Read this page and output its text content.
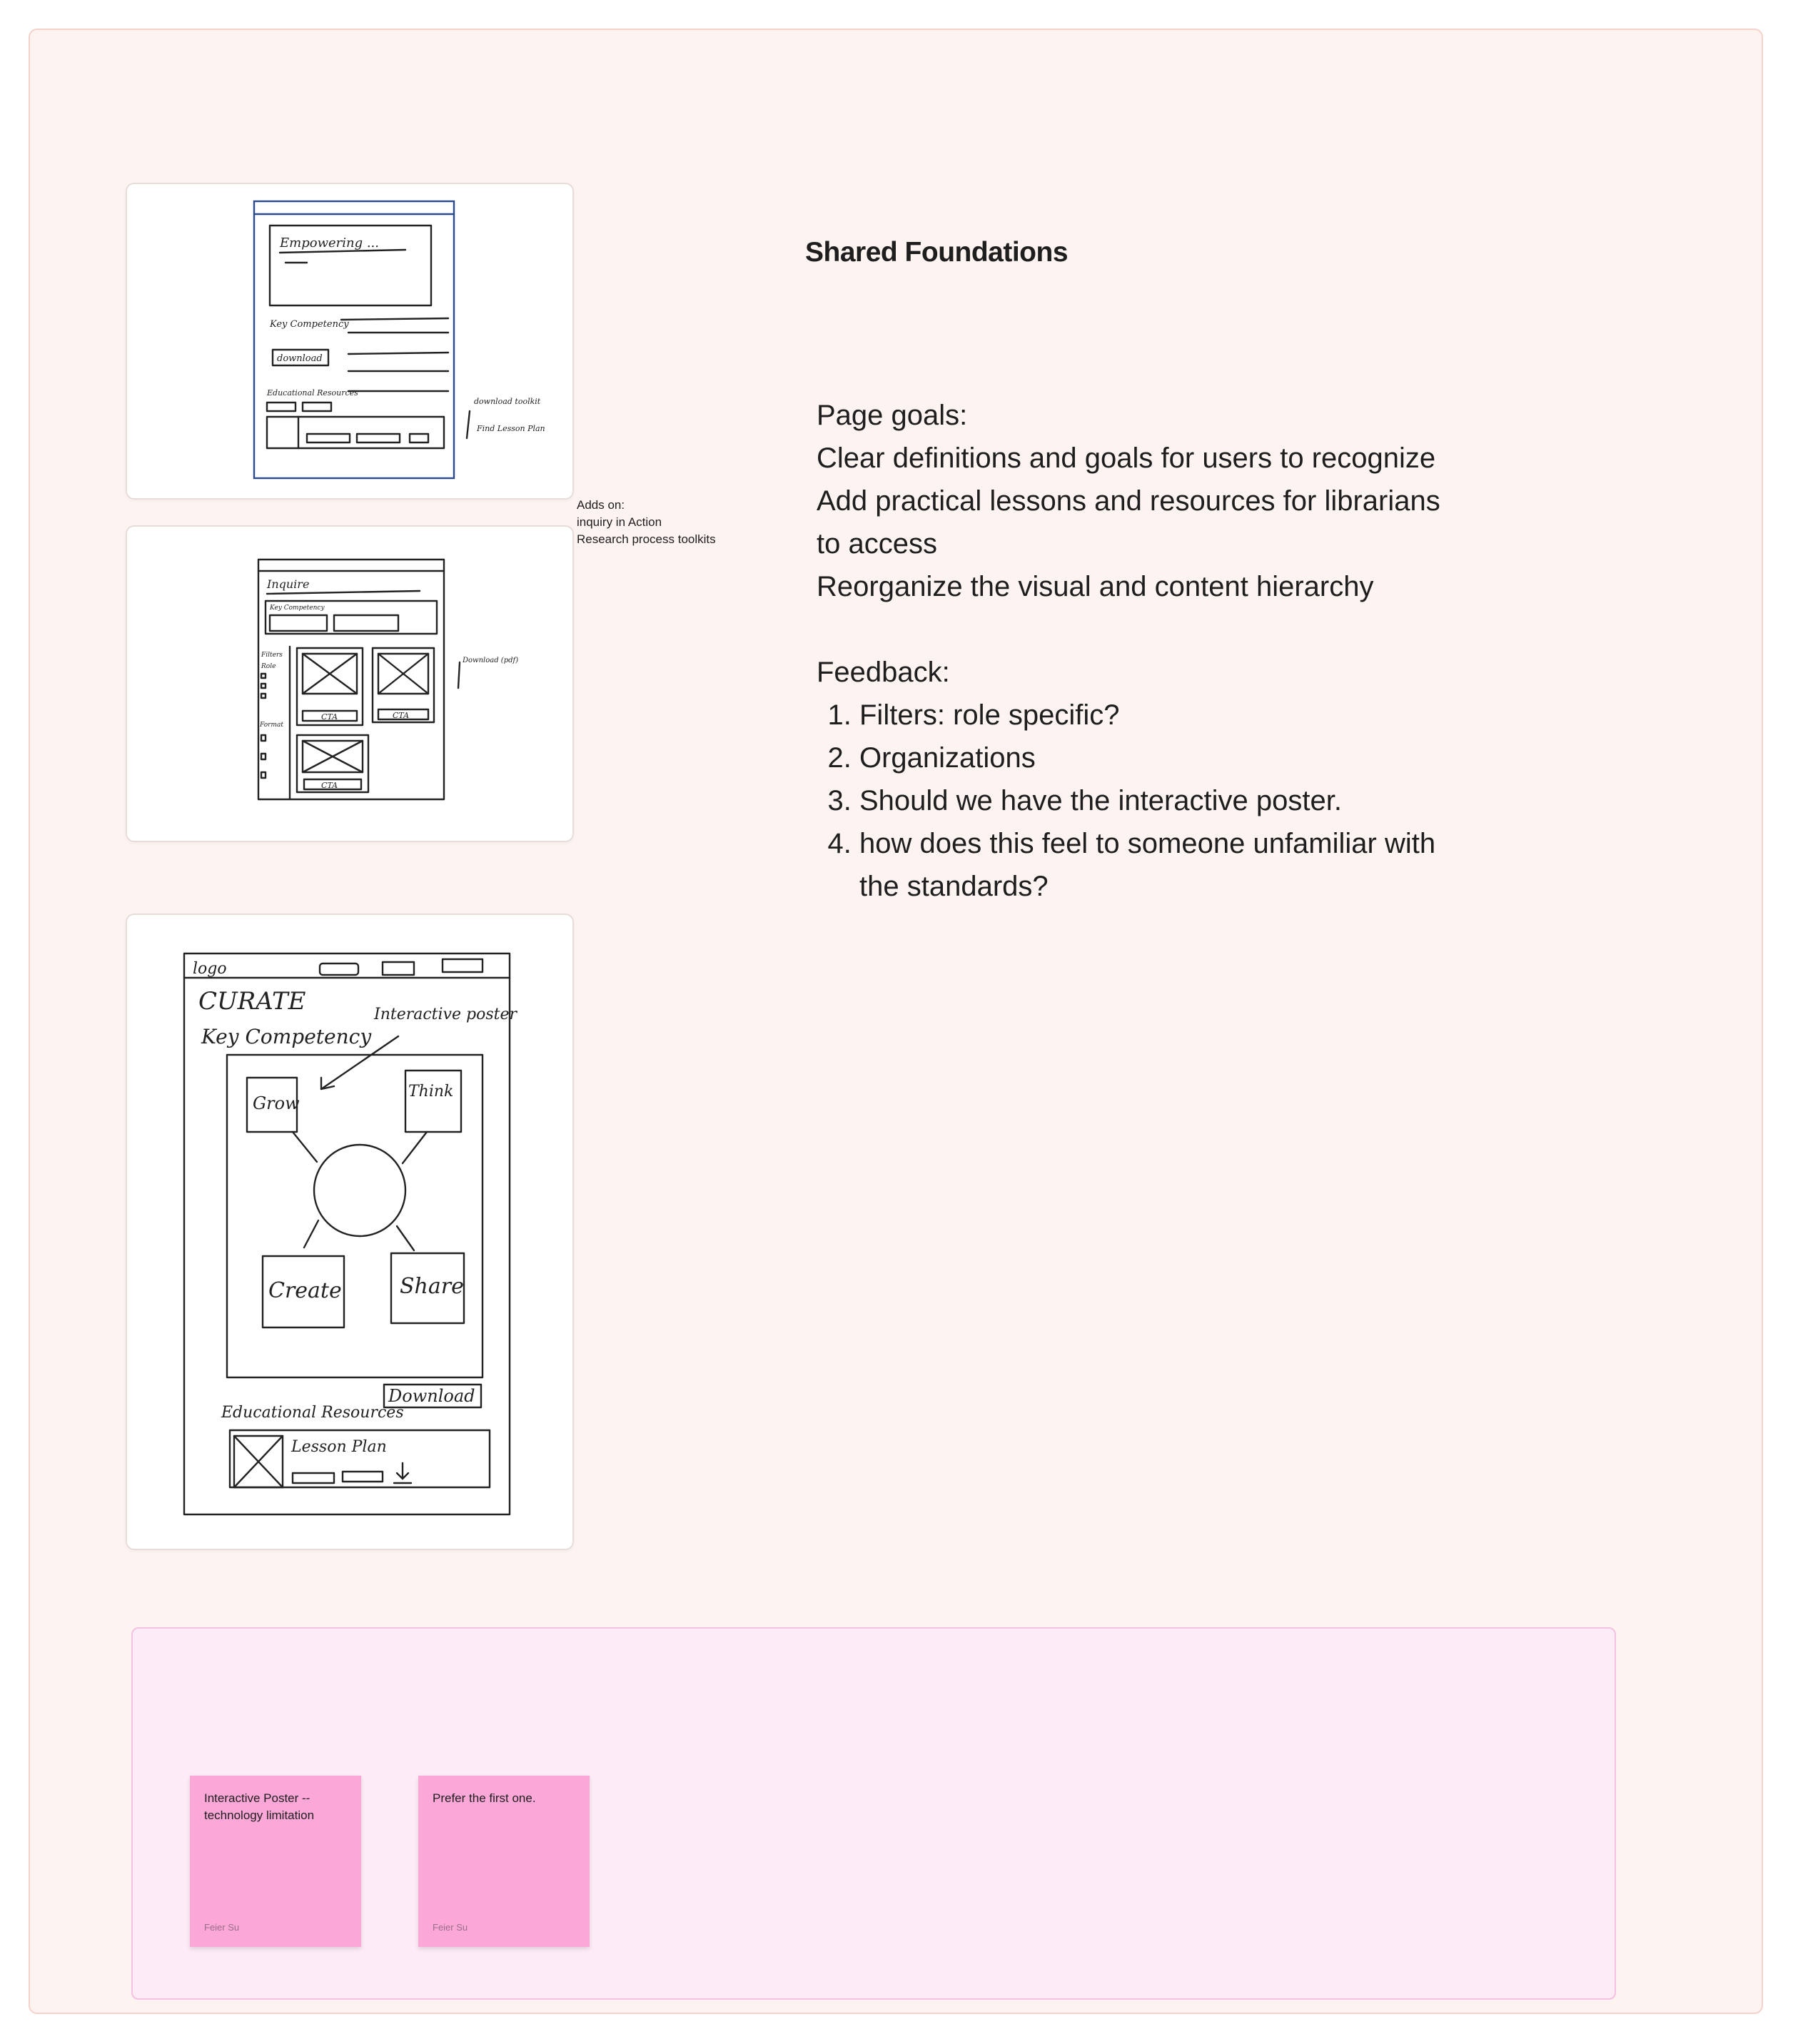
Empowering ...
Key Competency
download
Educational Resources
download toolkit
Find Lesson Plan
Adds on:
inquiry in Action
Research process toolkits
Inquire
Key Competency
Filters
Role
Format
CTA	CTA
CTA
Download (pdf)
logo
CURATE
Key Competency
Interactive poster
Grow
Think
Create	Share
Educational Resources
Download
Lesson Plan
Shared Foundations

Page goals:

Clear definitions and goals for users to recognize

Add practical lessons and resources for librarians to access

Reorganize the visual and content hierarchy

Feedback:

1. Filters: role specific?
2. Organizations
3. Should we have the interactive poster.
4. how does this feel to someone unfamiliar with the standards?
Interactive Poster -- technology limitation
Feier Su
Prefer the first one.
Feier Su
